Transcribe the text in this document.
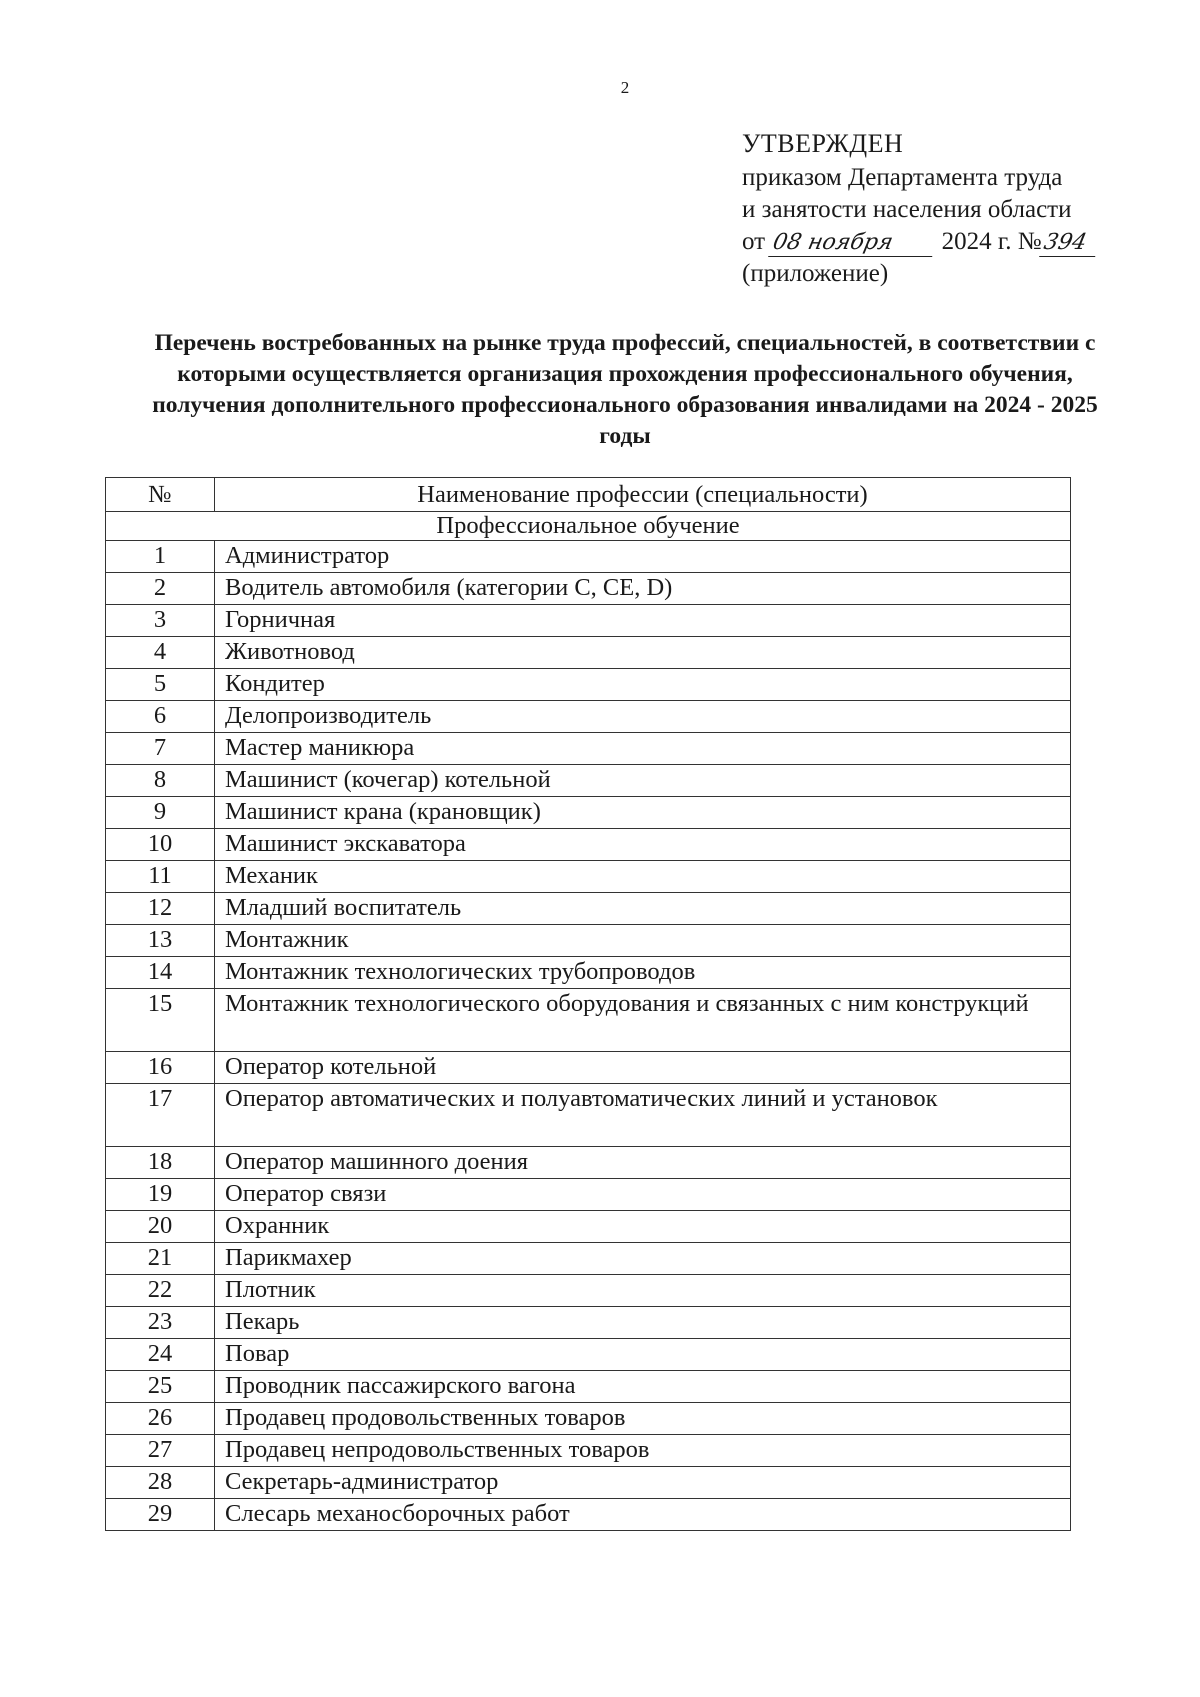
2
УТВЕРЖДЕН
приказом Департамента труда
и занятости населения области
от 08 ноября 2024 г. №394
(приложение)
Перечень востребованных на рынке труда профессий, специальностей, в соответствии с которыми осуществляется организация прохождения профессионального обучения, получения дополнительного профессионального образования инвалидами на 2024 - 2025 годы
№	Наименование профессии (специальности)
Профессиональное обучение	
1	Администратор
2	Водитель автомобиля (категории С, СЕ, D)
3	Горничная
4	Животновод
5	Кондитер
6	Делопроизводитель
7	Мастер маникюра
8	Машинист (кочегар) котельной
9	Машинист крана (крановщик)
10	Машинист экскаватора
11	Механик
12	Младший воспитатель
13	Монтажник
14	Монтажник технологических трубопроводов
15	Монтажник технологического оборудования и связанных с ним конструкций
16	Оператор котельной
17	Оператор автоматических и полуавтоматических линий и установок
18	Оператор машинного доения
19	Оператор связи
20	Охранник
21	Парикмахер
22	Плотник
23	Пекарь
24	Повар
25	Проводник пассажирского вагона
26	Продавец продовольственных товаров
27	Продавец непродовольственных товаров
28	Секретарь-администратор
29	Слесарь механосборочных работ
